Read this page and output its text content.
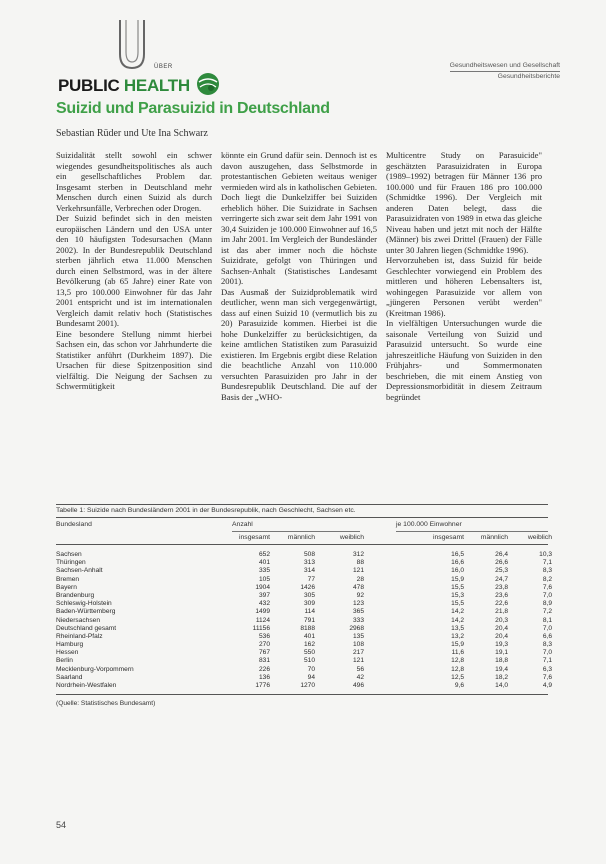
ÜBER
PUBLIC HEALTH
Gesundheitswesen und Gesellschaft
Gesundheitsberichte
Suizid und Parasuizid in Deutschland
Sebastian Rüder und Ute Ina Schwarz

Suizidalität stellt sowohl ein schwer wiegendes gesundheitspolitisches als auch ein gesellschaftliches Problem dar. Insgesamt sterben in Deutschland mehr Menschen durch einen Suizid als durch Verkehrsunfälle, Verbrechen oder Drogen.

Der Suizid befindet sich in den meisten europäischen Ländern und den USA unter den 10 häufigsten Todesursachen (Mann 2002). In der Bundesrepublik Deutschland sterben jährlich etwa 11.000 Menschen durch einen Selbstmord, was in der ältere Bevölkerung (ab 65 Jahre) einer Rate von 13,5 pro 100.000 Einwohner für das Jahr 2001 entspricht und ist im internationalen Vergleich damit relativ hoch (Statistisches Bundesamt 2001).

Eine besondere Stellung nimmt hierbei Sachsen ein, das schon vor Jahrhunderte die Statistiker anführt (Durkheim 1897). Die Ursachen für diese Spitzenposition sind vielfältig. Die Neigung der Sachsen zu Schwermütigkeit

könnte ein Grund dafür sein. Dennoch ist es davon auszugehen, dass Selbstmorde in protestantischen Gebieten weitaus weniger vermieden wird als in katholischen Gebieten. Doch liegt die Dunkelziffer bei Suiziden erheblich höher. Die Suizidrate in Sachsen verringerte sich zwar seit dem Jahr 1991 von 30,4 Suiziden je 100.000 Einwohner auf 16,5 im Jahr 2001. Im Vergleich der Bundesländer ist das aber immer noch die höchste Suizidrate, gefolgt von Thüringen und Sachsen-Anhalt (Statistisches Landesamt 2001).

Das Ausmaß der Suizidproblematik wird deutlicher, wenn man sich vergegenwärtigt, dass auf einen Suizid 10 (vermutlich bis zu 20) Parasuizide kommen. Hierbei ist die hohe Dunkelziffer zu berücksichtigen, da keine amtlichen Statistiken zum Parasuizid existieren. Im Ergebnis ergibt diese Relation die beachtliche Anzahl von 110.000 versuchten Parasuiziden pro Jahr in der Bundesrepublik Deutschland. Die auf der Basis der „WHO-

Multicentre Study on Parasuicide" geschätzten Parasuizidraten in Europa (1989–1992) betragen für Männer 136 pro 100.000 und für Frauen 186 pro 100.000 (Schmidtke 1996). Der Vergleich mit anderen Daten belegt, dass die Parasuizidraten von 1989 in etwa das gleiche Niveau haben und jetzt mit noch der Hälfte (Männer) bis zwei Drittel (Frauen) der Fälle unter 30 Jahren liegen (Schmidtke 1996).

Hervorzuheben ist, dass Suizid für beide Geschlechter vorwiegend ein Problem des mittleren und höheren Lebensalters ist, wohingegen Parasuizide vor allem von „jüngeren Personen verübt werden" (Kreitman 1986).

In vielfältigen Untersuchungen wurde die saisonale Verteilung von Suizid und Parasuizid untersucht. So wurde eine jahreszeitliche Häufung von Suiziden in den Frühjahrs- und Sommermonaten beschrieben, die mit einem Anstieg von Depressionsmorbidität in diesem Zeitraum begründet

Tabelle 1: Suizide nach Bundesländern 2001 in der Bundesrepublik, nach Geschlecht, Sachsen etc.
Bundesland	Anzahl	je 100.000 Einwohner
insgesamt	männlich	weiblich	insgesamt	männlich	weiblich
Sachsen	652	508	312	16,5	26,4	10,3
Thüringen	401	313	88	16,6	26,6	7,1
Sachsen-Anhalt	335	314	121	16,0	25,3	8,3
Bremen	105	77	28	15,9	24,7	8,2
Bayern	1904	1426	478	15,5	23,8	7,6
Brandenburg	397	305	92	15,3	23,6	7,0
Schleswig-Holstein	432	309	123	15,5	22,6	8,9
Baden-Württemberg	1499	114	365	14,2	21,8	7,2
Niedersachsen	1124	791	333	14,2	20,3	8,1
Deutschland gesamt	11156	8188	2968	13,5	20,4	7,0
Rheinland-Pfalz	536	401	135	13,2	20,4	6,6
Hamburg	270	162	108	15,9	19,3	8,3
Hessen	767	550	217	11,6	19,1	7,0
Berlin	831	510	121	12,8	18,8	7,1
Mecklenburg-Vorpommern	226	70	56	12,8	19,4	6,3
Saarland	136	94	42	12,5	18,2	7,6
Nordrhein-Westfalen	1776	1270	496	9,6	14,0	4,9
(Quelle: Statistisches Bundesamt)
54
